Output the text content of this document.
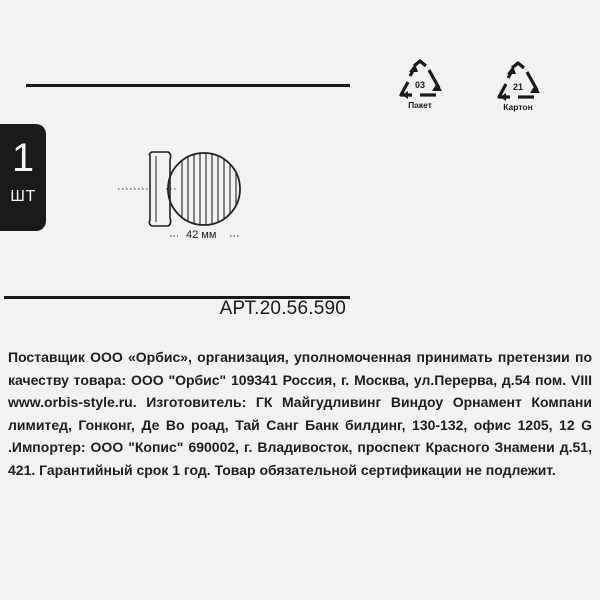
1
ШТ
42 мм
03
Пакет
21
Картон
АРТ.20.56.590
Поставщик ООО «Орбис», организация, уполномоченная принимать претензии по качеству товара: ООО "Орбис" 109341 Россия, г. Москва, ул.Перерва, д.54 пом. VIII www.orbis-style.ru. Изготовитель: ГК Майгудливинг Виндоу Орнамент Компани лимитед, Гонконг, Де Во роад, Тай Санг Банк билдинг, 130-132, офис 1205, 12 G .Импортер: ООО "Копис" 690002, г. Владивосток, проспект Красного Знамени д.51, 421. Гарантийный срок 1 год. Товар обязательной сертификации не подлежит.
